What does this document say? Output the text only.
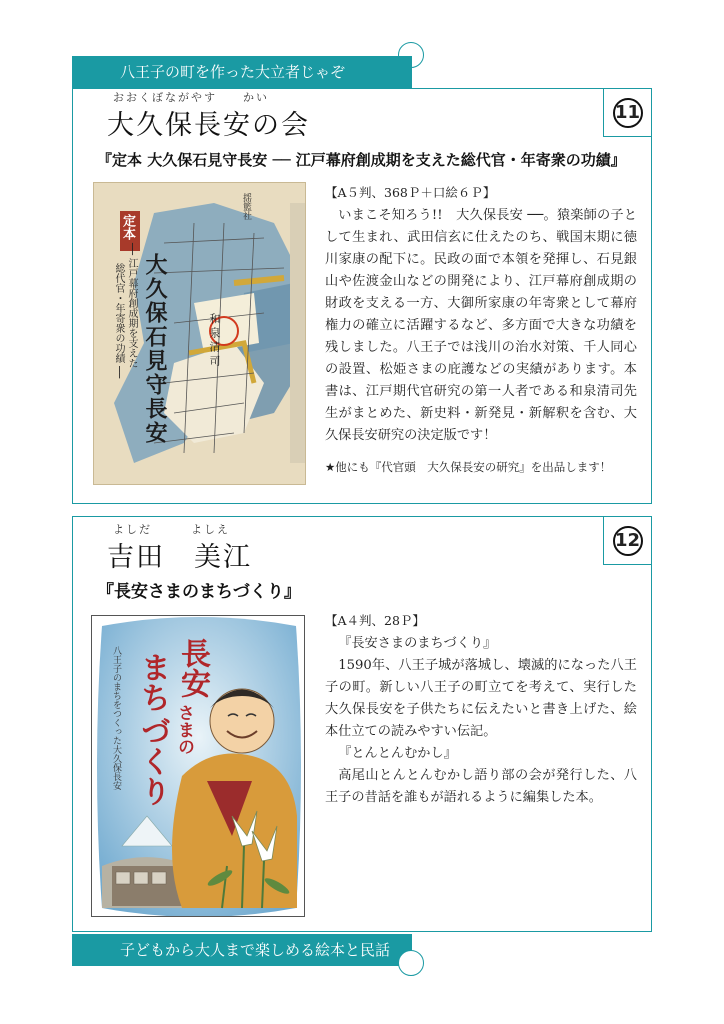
八王子の町を作った大立者じゃぞ
11
おおくぼながやす　　かい
大久保長安の会
『定本 大久保石見守長安 ── 江戸幕府創成期を支えた総代官・年寄衆の功績』
定本
大久保石見守長安
── 江戸幕府創成期を支えた
総代官・年寄衆の功績 ──	和泉清司
揺籃社
【A５判、368Ｐ＋口絵６Ｐ】

いまこそ知ろう!!　大久保長安 ──。猿楽師の子として生まれ、武田信玄に仕えたのち、戦国末期に徳川家康の配下に。民政の面で本領を発揮し、石見銀山や佐渡金山などの開発により、江戸幕府創成期の財政を支える一方、大御所家康の年寄衆として幕府権力の確立に活躍するなど、多方面で大きな功績を残しました。八王子では浅川の治水対策、千人同心の設置、松姫さまの庇護などの実績があります。本書は、江戸期代官研究の第一人者である和泉清司先生がまとめた、新史料・新発見・新解釈を含む、大久保長安研究の決定版です！

★他にも『代官頭　大久保長安の研究』を出品します！
12
よしだ	よしえ
吉田　美江
『長安さまのまちづくり』
長安
さまの
まち
づくり
八王子のまちをつくった大久保長安
【A４判、28Ｐ】

『長安さまのまちづくり』

1590年、八王子城が落城し、壊滅的になった八王子の町。新しい八王子の町立てを考えて、実行した大久保長安を子供たちに伝えたいと書き上げた、絵本仕立ての読みやすい伝記。

『とんとんむかし』

高尾山とんとんむかし語り部の会が発行した、八王子の昔話を誰もが語れるように編集した本。

子どもから大人まで楽しめる絵本と民話
